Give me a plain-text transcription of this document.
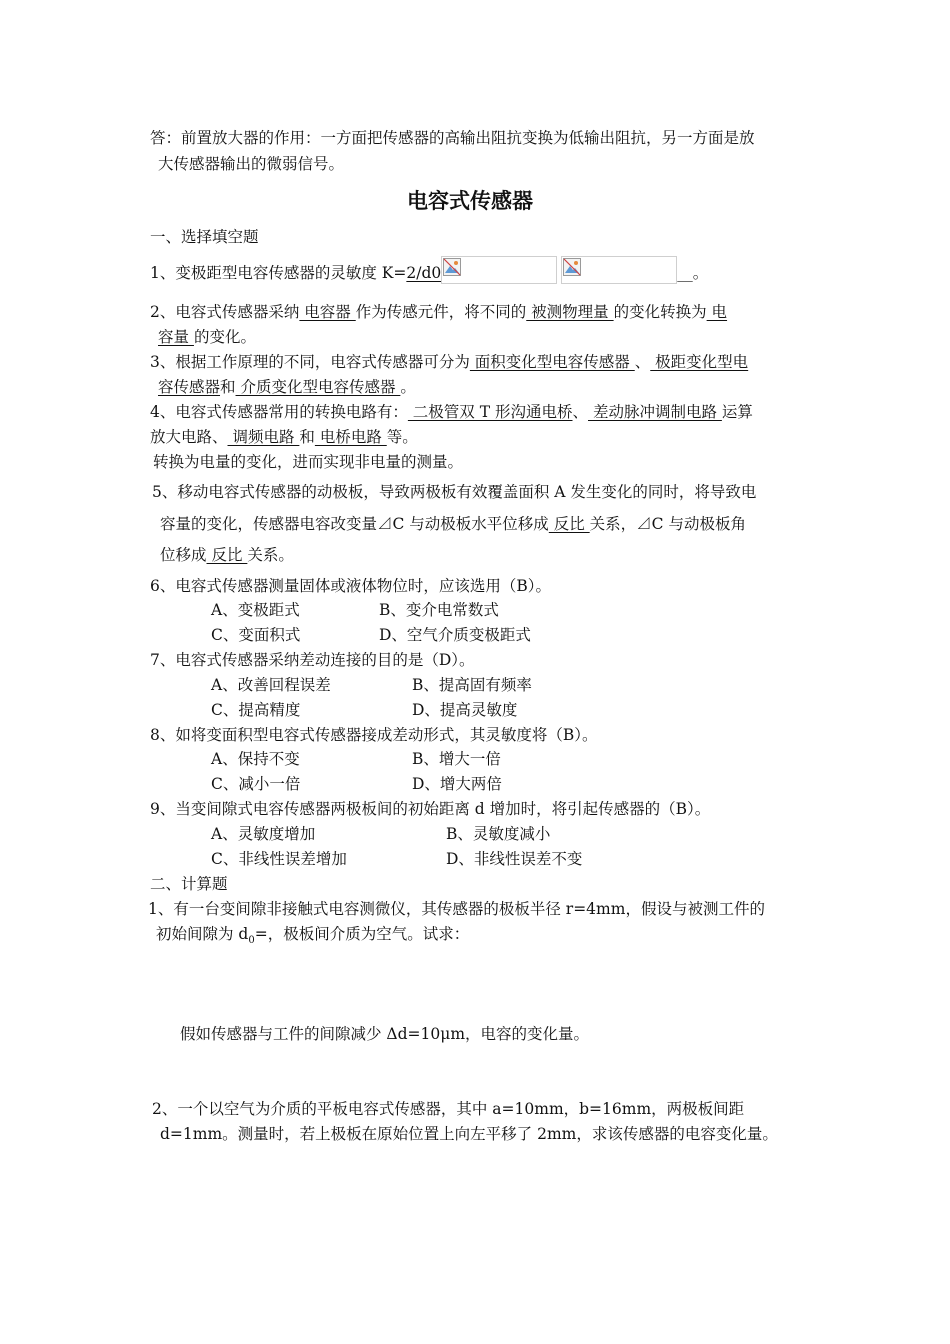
答：前置放大器的作用：一方面把传感器的高输出阻抗变换为低输出阻抗，另一方面是放
大传感器输出的微弱信号。
电容式传感器
一、选择填空题
1、变极距型电容传感器的灵敏度 K=2/d0	__。
2、电容式传感器采纳 电容器 作为传感元件，将不同的 被测物理量 的变化转换为 电
容量 的变化。
3、根据工作原理的不同，电容式传感器可分为 面积变化型电容传感器 、 极距变化型电
容传感器和 介质变化型电容传感器 。
4、电容式传感器常用的转换电路有： 二极管双 T 形沟通电桥、 差动脉冲调制电路 运算
放大电路、 调频电路 和 电桥电路 等。
转换为电量的变化，进而实现非电量的测量。
5、移动电容式传感器的动极板，导致两极板有效覆盖面积 A 发生变化的同时，将导致电
容量的变化，传感器电容改变量⊿C 与动极板水平位移成 反比 关系，⊿C 与动极板角
位移成 反比 关系。
6、电容式传感器测量固体或液体物位时，应该选用（B）。
A、变极距式	B、变介电常数式
C、变面积式	D、空气介质变极距式
7、电容式传感器采纳差动连接的目的是（D）。
A、改善回程误差	B、提高固有频率
C、提高精度	D、提高灵敏度
8、如将变面积型电容式传感器接成差动形式，其灵敏度将（B）。
A、保持不变	B、增大一倍
C、减小一倍	D、增大两倍
9、当变间隙式电容传感器两极板间的初始距离 d 增加时，将引起传感器的（B）。
A、灵敏度增加	B、灵敏度减小
C、非线性误差增加	D、非线性误差不变
二、计算题
1、有一台变间隙非接触式电容测微仪，其传感器的极板半径 r=4mm，假设与被测工件的
初始间隙为 $d_0=$，极板间介质为空气。试求：
假如传感器与工件的间隙减少 Δd=10μm，电容的变化量。
2、一个以空气为介质的平板电容式传感器，其中 a=10mm，b=16mm，两极板间距
d=1mm。测量时，若上极板在原始位置上向左平移了 2mm，求该传感器的电容变化量。
